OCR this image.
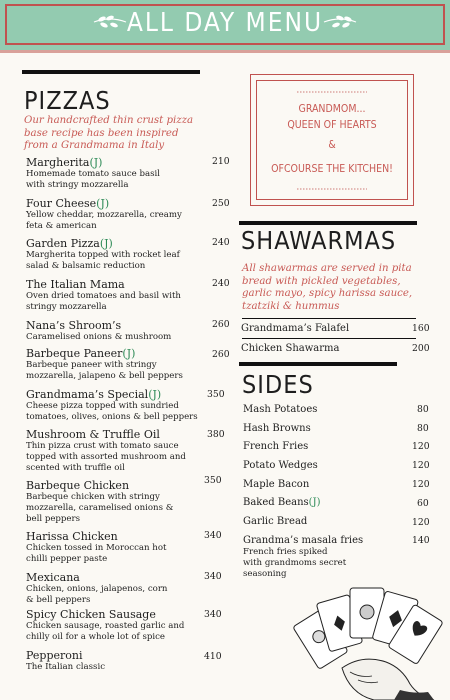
ALL DAY MENU
PIZZAS
Our handcrafted thin crust pizza base recipe has been inspired from a Grandmama in Italy
Margherita(J)
Homemade tomato sauce basil with stringy mozzarella
210
Four Cheese(J)
Yellow cheddar, mozzarella, creamy feta & american
250
Garden Pizza(J)
Margherita topped with rocket leaf salad & balsamic reduction
240
The Italian Mama
Oven dried tomatoes and basil with stringy mozzarella
240
Nana’s Shroom’s
Caramelised onions & mushroom
260
Barbeque Paneer(J)
Barbeque paneer with stringy mozzarella, jalapeno & bell peppers
260
Grandmama’s Special(J)
Cheese pizza topped with sundried tomatoes, olives, onions & bell peppers
350
Mushroom & Truffle Oil
Thin pizza crust with tomato sauce topped with assorted mushroom and scented with truffle oil
380
Barbeque Chicken
Barbeque chicken with stringy mozzarella, caramelised onions & bell peppers
350
Harissa Chicken
Chicken tossed in Moroccan hot chilli pepper paste
340
Mexicana
Chicken, onions, jalapenos, corn & bell peppers
340
Spicy Chicken Sausage
Chicken sausage, roasted garlic and chilly oil for a whole lot of spice
340
Pepperoni
The Italian classic
410
GRANDMOM...
QUEEN OF HEARTS
&
OFCOURSE THE KITCHEN!
SHAWARMAS
All shawarmas are served in pita bread with pickled vegetables, garlic mayo, spicy harissa sauce, tzatziki & hummus
Grandmama’s Falafel	160
Chicken Shawarma	200
SIDES
Mash Potatoes	80
Hash Browns	80
French Fries	120
Potato Wedges	120
Maple Bacon	120
Baked Beans(J)	60
Garlic Bread	120
Grandma’s masala fries	140
French fries spiked with grandmoms secret seasoning
